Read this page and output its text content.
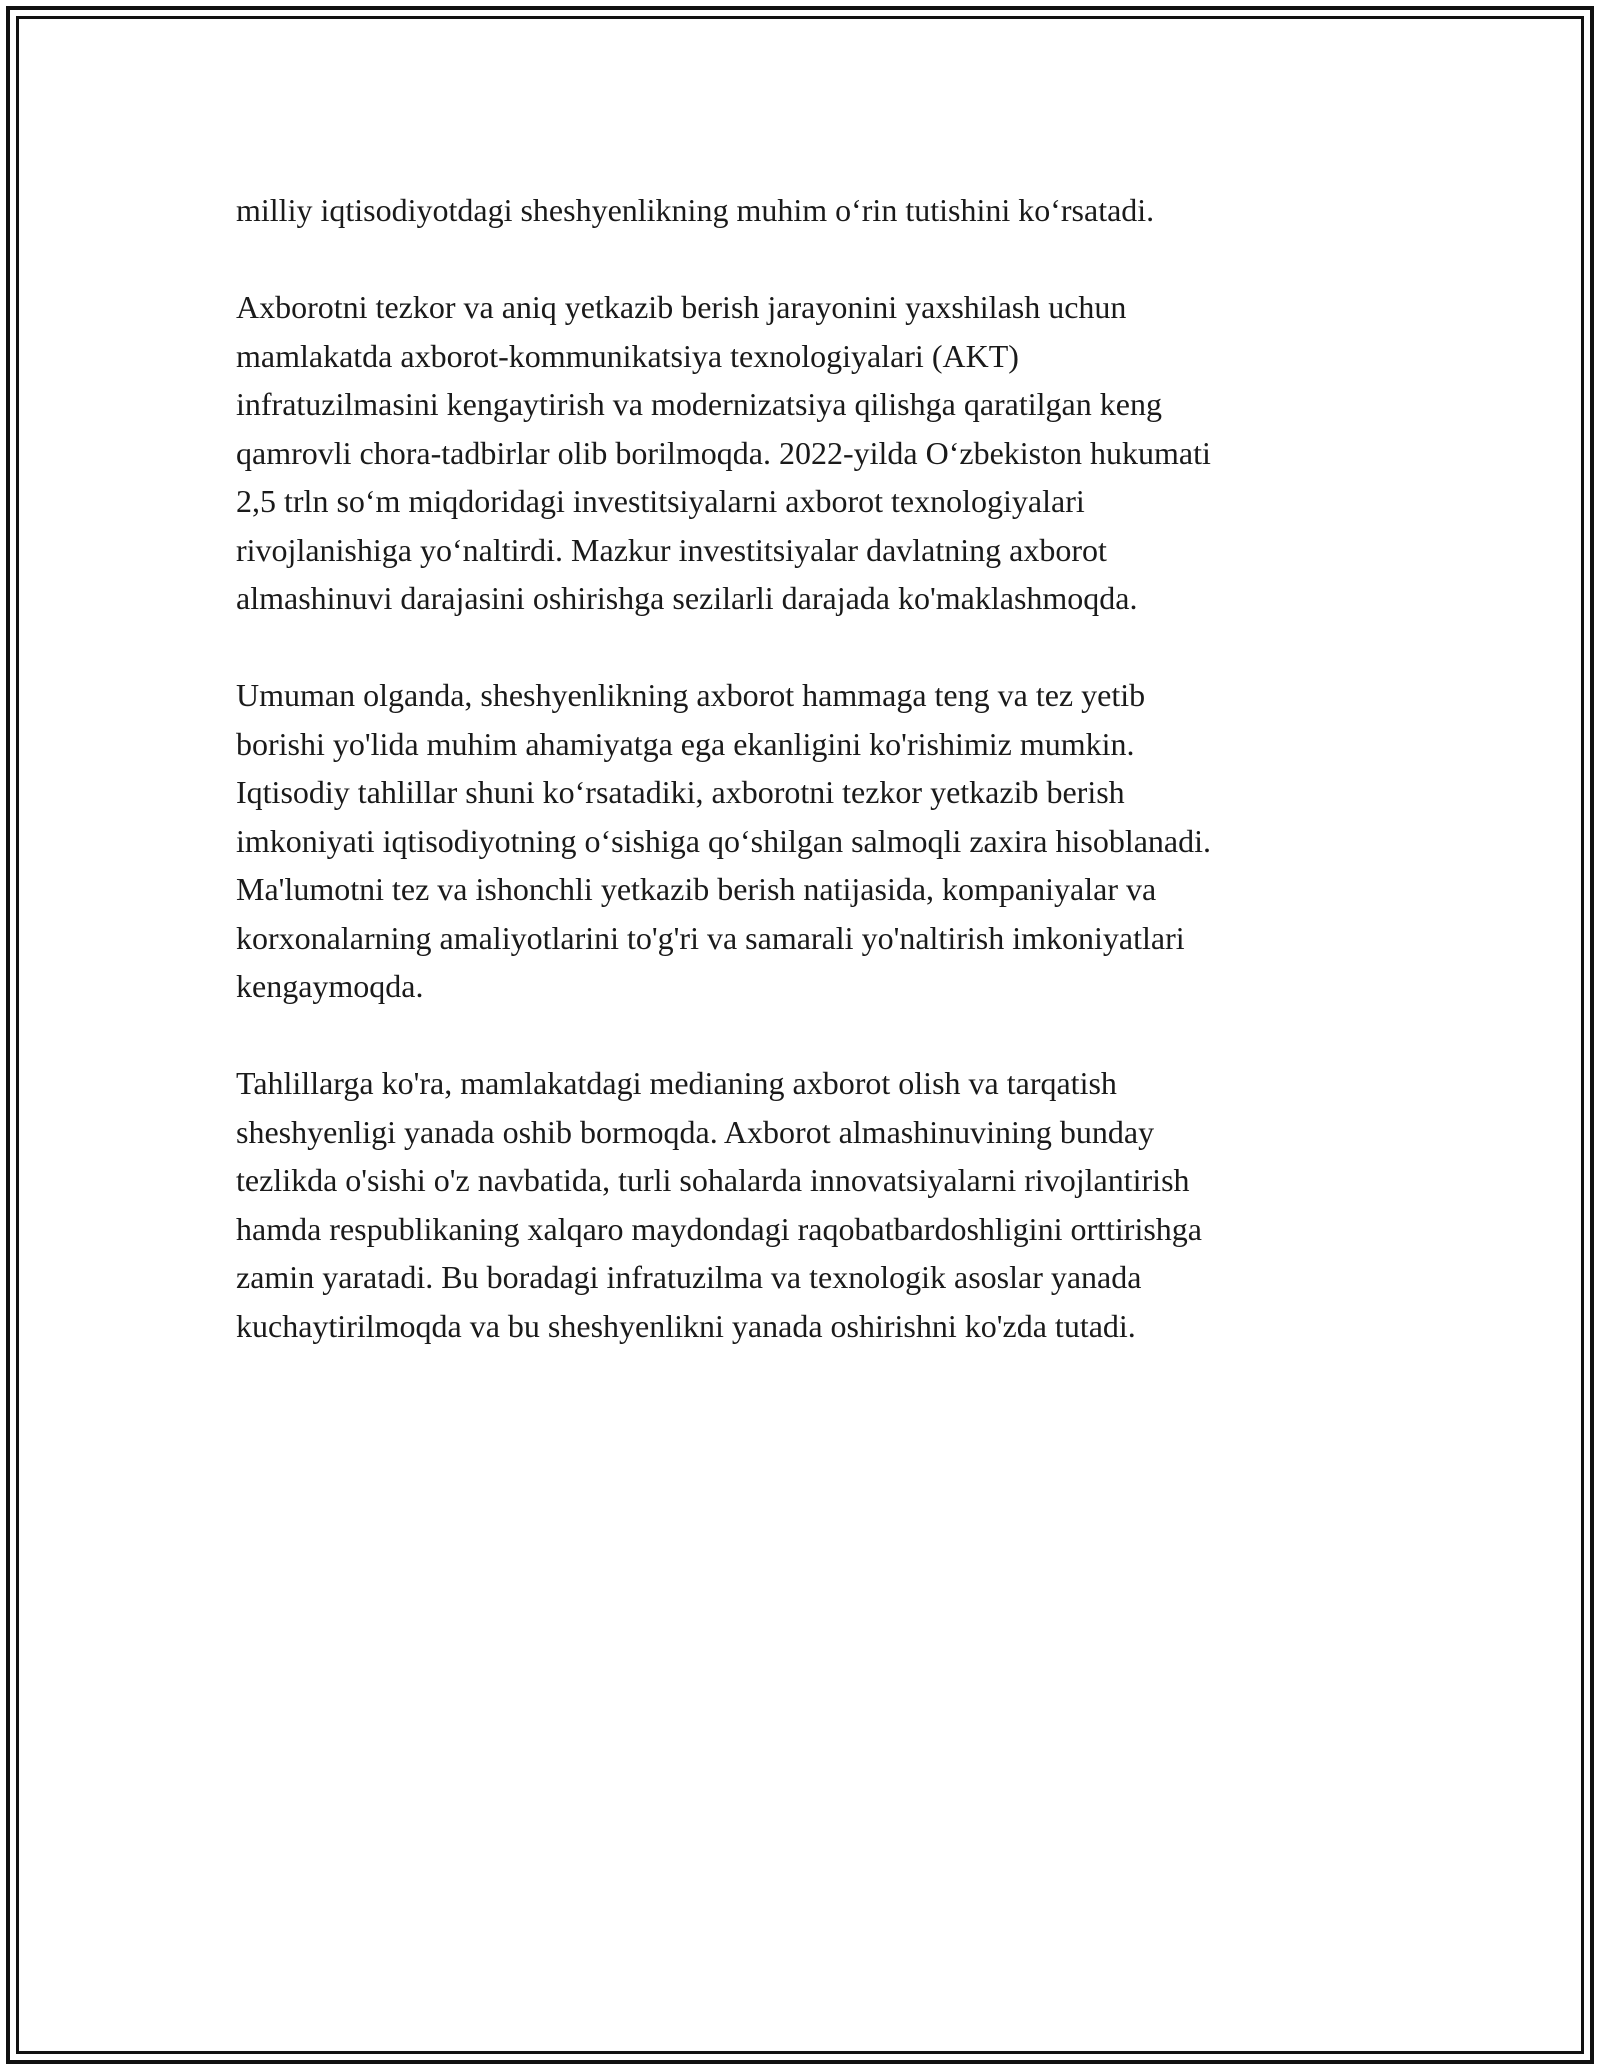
milliy iqtisodiyotdagi sheshyenlikning muhim o‘rin tutishini ko‘rsatadi.

Axborotni tezkor va aniq yetkazib berish jarayonini yaxshilash uchun
mamlakatda axborot-kommunikatsiya texnologiyalari (AKT)
infratuzilmasini kengaytirish va modernizatsiya qilishga qaratilgan keng
qamrovli chora-tadbirlar olib borilmoqda. 2022-yilda O‘zbekiston hukumati
2,5 trln so‘m miqdoridagi investitsiyalarni axborot texnologiyalari
rivojlanishiga yo‘naltirdi. Mazkur investitsiyalar davlatning axborot
almashinuvi darajasini oshirishga sezilarli darajada ko'maklashmoqda.

Umuman olganda, sheshyenlikning axborot hammaga teng va tez yetib
borishi yo'lida muhim ahamiyatga ega ekanligini ko'rishimiz mumkin.
Iqtisodiy tahlillar shuni ko‘rsatadiki, axborotni tezkor yetkazib berish
imkoniyati iqtisodiyotning o‘sishiga qo‘shilgan salmoqli zaxira hisoblanadi.
Ma'lumotni tez va ishonchli yetkazib berish natijasida, kompaniyalar va
korxonalarning amaliyotlarini to'g'ri va samarali yo'naltirish imkoniyatlari
kengaymoqda.

Tahlillarga ko'ra, mamlakatdagi medianing axborot olish va tarqatish
sheshyenligi yanada oshib bormoqda. Axborot almashinuvining bunday
tezlikda o'sishi o'z navbatida, turli sohalarda innovatsiyalarni rivojlantirish
hamda respublikaning xalqaro maydondagi raqobatbardoshligini orttirishga
zamin yaratadi. Bu boradagi infratuzilma va texnologik asoslar yanada
kuchaytirilmoqda va bu sheshyenlikni yanada oshirishni ko'zda tutadi.
